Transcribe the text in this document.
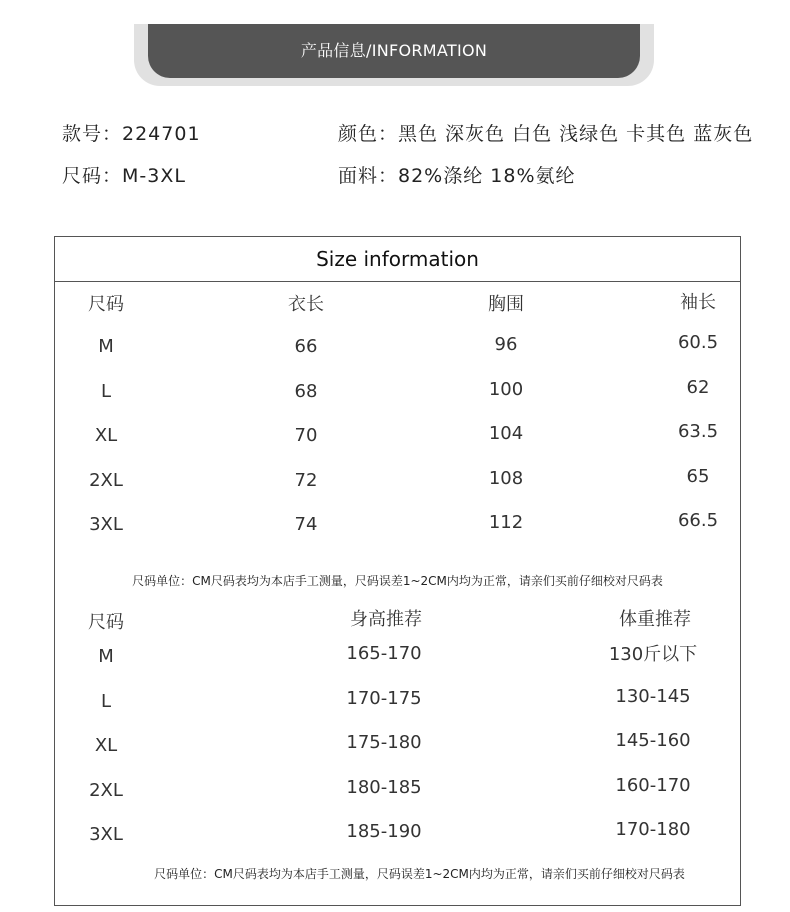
产品信息/INFORMATION
款号：224701
尺码：M-3XL
颜色：黑色 深灰色 白色 浅绿色 卡其色 蓝灰色
面料：82%涤纶 18%氨纶
Size information
尺码	衣长	胸围	袖长
M	66	96	60.5
L	68	100	62
XL	70	104	63.5
2XL	72	108	65
3XL	74	112	66.5
尺码单位：CM尺码表均为本店手工测量，尺码误差1~2CM内均为正常，请亲们买前仔细校对尺码表
尺码	身高推荐	体重推荐
M	165-170	130斤以下
L	170-175	130-145
XL	175-180	145-160
2XL	180-185	160-170
3XL	185-190	170-180
尺码单位：CM尺码表均为本店手工测量，尺码误差1~2CM内均为正常，请亲们买前仔细校对尺码表
